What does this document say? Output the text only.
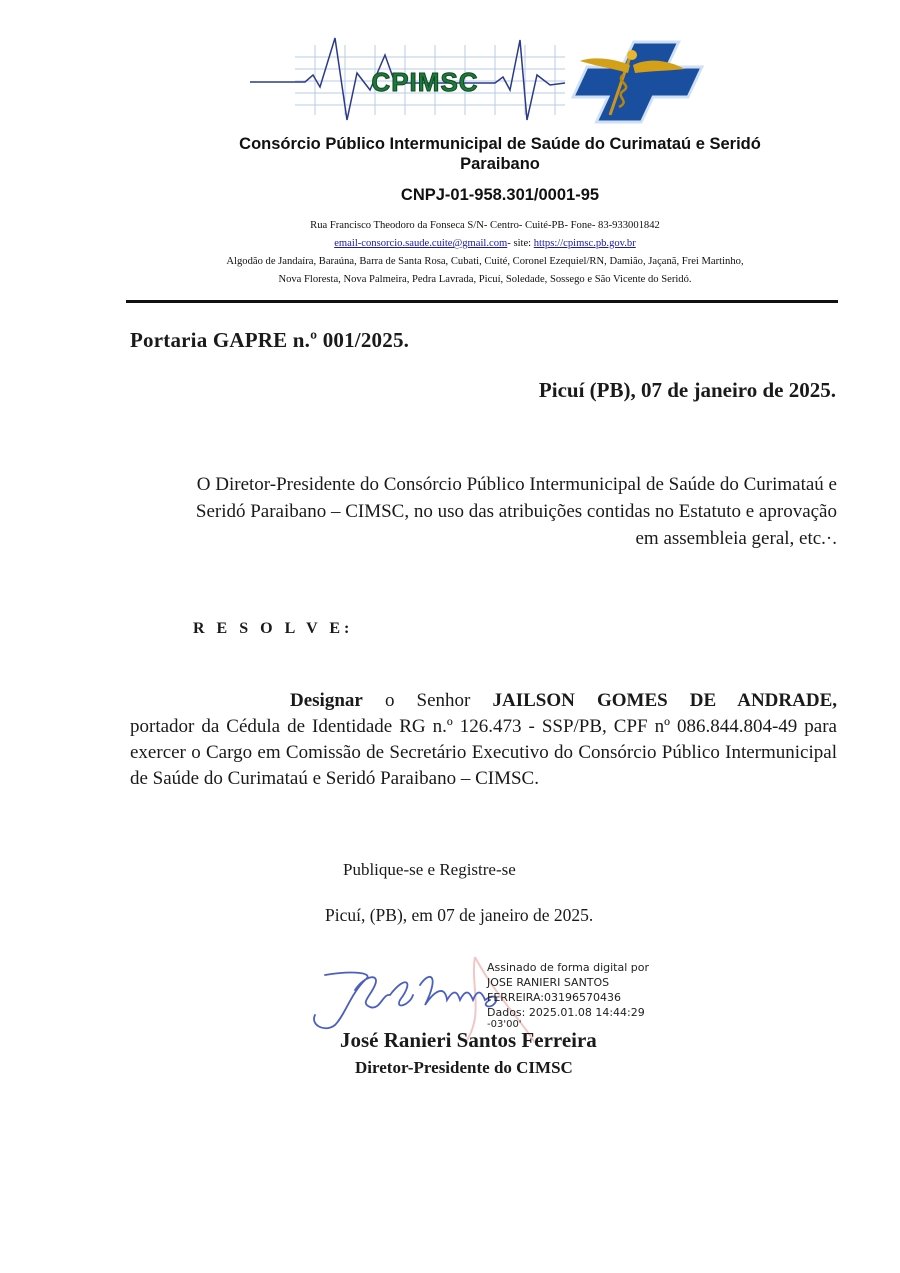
CPIMSC
Consórcio Público Intermunicipal de Saúde do Curimataú e Seridó
Paraibano
CNPJ-01-958.301/0001-95
Rua Francisco Theodoro da Fonseca S/N- Centro- Cuité-PB- Fone- 83-933001842
email-consorcio.saude.cuite@gmail.com- site: https://cpimsc.pb.gov.br
Algodão de Jandaíra, Baraúna, Barra de Santa Rosa, Cubati, Cuité, Coronel Ezequiel/RN, Damião, Jaçanã, Frei Martinho,
Nova Floresta, Nova Palmeira, Pedra Lavrada, Picuí, Soledade, Sossego e São Vicente do Seridó.
Portaria GAPRE n.º 001/2025.
Picuí (PB), 07 de janeiro de 2025.
O Diretor-Presidente do Consórcio Público Intermunicipal de Saúde do Curimataú e Seridó Paraibano – CIMSC, no uso das atribuições contidas no Estatuto e aprovação em assembleia geral, etc.·.
R E S O L V E:
Designar o Senhor JAILSON GOMES DE ANDRADE,
portador da Cédula de Identidade RG n.º 126.473 - SSP/PB, CPF nº 086.844.804-49 para exercer o Cargo em Comissão de Secretário Executivo do Consórcio Público Intermunicipal de Saúde do Curimataú e Seridó Paraibano – CIMSC.
Publique-se e Registre-se
Picuí, (PB), em 07 de janeiro de 2025.
Assinado de forma digital por
JOSE RANIERI SANTOS
FERREIRA:03196570436
Dados: 2025.01.08 14:44:29
-03'00'
José Ranieri Santos Ferreira
Diretor-Presidente do CIMSC
